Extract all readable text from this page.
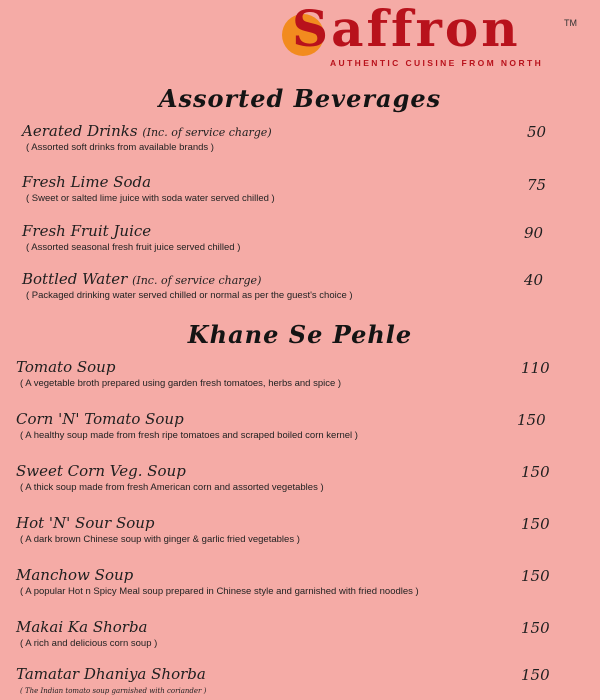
Saffron	TM
AUTHENTIC CUISINE FROM NORTH
Assorted Beverages
Aerated Drinks (Inc. of service charge)
( Assorted soft drinks from available brands )
50
Fresh Lime Soda
( Sweet or salted lime juice with soda water served chilled )
75
Fresh Fruit Juice
( Assorted seasonal fresh fruit juice served chilled )
90
Bottled Water (Inc. of service charge)
( Packaged drinking water served chilled or normal as per the guest's choice )
40
Khane Se Pehle
Tomato Soup
( A vegetable broth prepared using garden fresh tomatoes, herbs and spice )
110
Corn 'N' Tomato Soup
( A healthy soup made from fresh ripe tomatoes and scraped boiled corn kernel )
150
Sweet Corn Veg. Soup
( A thick soup made from fresh American corn and assorted vegetables )
150
Hot 'N' Sour Soup
( A dark brown Chinese soup with ginger & garlic fried vegetables )
150
Manchow Soup
( A popular Hot n Spicy Meal soup prepared in Chinese style and garnished with fried noodles )
150
Makai Ka Shorba
( A rich and delicious corn soup )
150
Tamatar Dhaniya Shorba
( The Indian tomato soup garnished with coriander )
150
